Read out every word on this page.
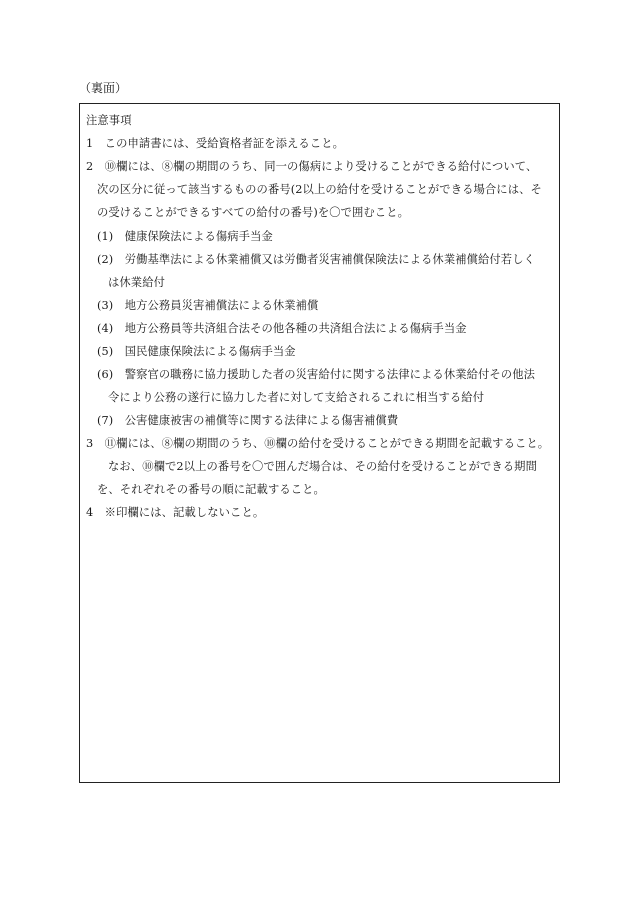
（裏面）
注意事項
1　この申請書には、受給資格者証を添えること。
2　⑩欄には、⑧欄の期間のうち、同一の傷病により受けることができる給付について、
次の区分に従って該当するものの番号(2以上の給付を受けることができる場合には、そ
の受けることができるすべての給付の番号)を〇で囲むこと。
(1)　健康保険法による傷病手当金
(2)　労働基準法による休業補償又は労働者災害補償保険法による休業補償給付若しく
は休業給付
(3)　地方公務員災害補償法による休業補償
(4)　地方公務員等共済組合法その他各種の共済組合法による傷病手当金
(5)　国民健康保険法による傷病手当金
(6)　警察官の職務に協力援助した者の災害給付に関する法律による休業給付その他法
令により公務の遂行に協力した者に対して支給されるこれに相当する給付
(7)　公害健康被害の補償等に関する法律による傷害補償費
3　⑪欄には、⑧欄の期間のうち、⑩欄の給付を受けることができる期間を記載すること。
なお、⑩欄で2以上の番号を〇で囲んだ場合は、その給付を受けることができる期間
を、それぞれその番号の順に記載すること。
4　※印欄には、記載しないこと。
